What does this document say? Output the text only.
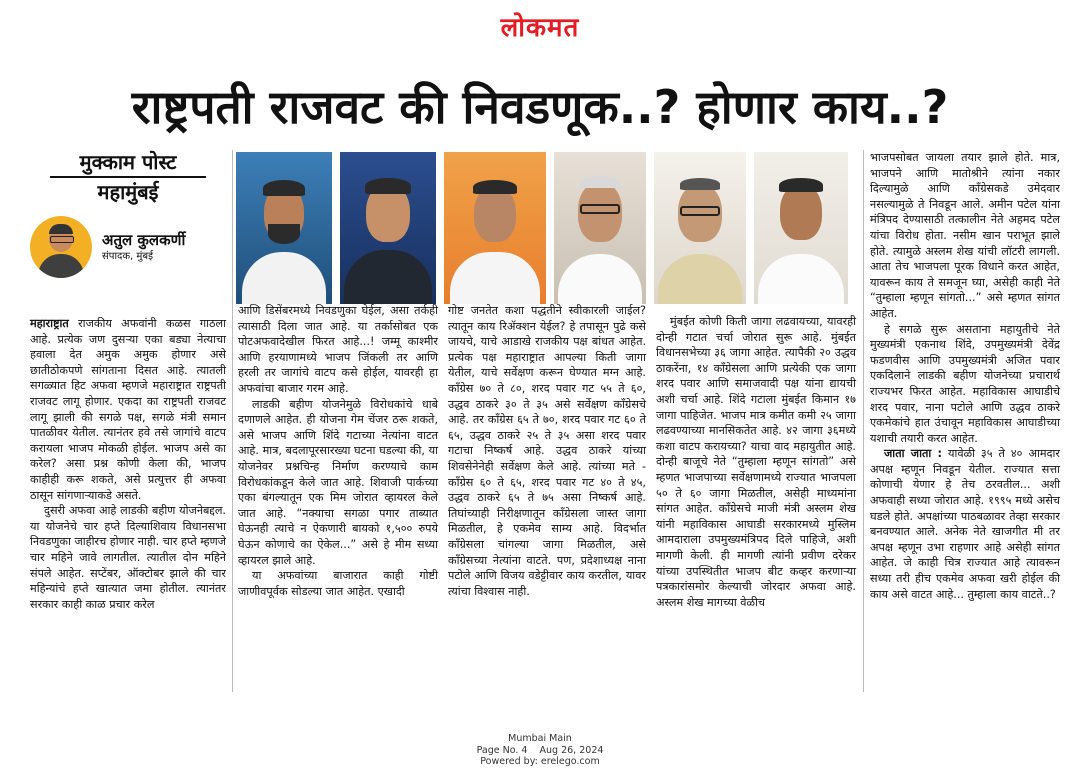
लोकमत
राष्ट्रपती राजवट की निवडणूक..? होणार काय..?
मुक्काम पोस्ट
महामुंबई
अतुल कुलकर्णी
संपादक, मुंबई

महाराष्ट्रात राजकीय अफवांनी कळस गाठला आहे. प्रत्येक जण दुसऱ्या एका बड्या नेत्याचा हवाला देत अमुक अमुक होणार असे छातीठोकपणे सांगताना दिसत आहे. त्यातली सगळ्यात हिट अफवा म्हणजे महाराष्ट्रात राष्ट्रपती राजवट लागू होणार. एकदा का राष्ट्रपती राजवट लागू झाली की सगळे पक्ष, सगळे मंत्री समान पातळीवर येतील. त्यानंतर हवे तसे जागांचे वाटप करायला भाजप मोकळी होईल. भाजप असे का करेल? असा प्रश्न कोणी केला की, भाजप काहीही करू शकते, असे प्रत्युत्तर ही अफवा ठासून सांगणाऱ्याकडे असते.

दुसरी अफवा आहे लाडकी बहीण योजनेबद्दल. या योजनेचे चार हप्ते दिल्याशिवाय विधानसभा निवडणुका जाहीरच होणार नाही. चार हप्ते म्हणजे चार महिने जावे लागतील. त्यातील दोन महिने संपले आहेत. सप्टेंबर, ऑक्टोबर झाले की चार महिन्यांचे हप्ते खात्यात जमा होतील. त्यानंतर सरकार काही काळ प्रचार करेल

आणि डिसेंबरमध्ये निवडणुका घेईल, असा तर्कही त्यासाठी दिला जात आहे. या तर्कासोबत एक पोटअफवादेखील फिरत आहे...! जम्मू काश्मीर आणि हरयाणामध्ये भाजप जिंकली तर आणि हरली तर जागांचे वाटप कसे होईल, यावरही हा अफवांचा बाजार गरम आहे.

लाडकी बहीण योजनेमुळे विरोधकांचे धाबे दणाणले आहेत. ही योजना गेम चेंजर ठरू शकते, असे भाजप आणि शिंदे गटाच्या नेत्यांना वाटत आहे. मात्र, बदलापूरसारख्या घटना घडल्या की, या योजनेवर प्रश्नचिन्ह निर्माण करण्याचे काम विरोधकांकडून केले जात आहे. शिवाजी पार्कच्या एका बंगल्यातून एक मिम जोरात व्हायरल केले जात आहे. “नक्याचा सगळा पगार ताब्यात घेऊनही त्याचे न ऐकणारी बायको १,५०० रुपये घेऊन कोणाचे का ऐकेल...” असे हे मीम सध्या व्हायरल झाले आहे.

या अफवांच्या बाजारात काही गोष्टी जाणीवपूर्वक सोडल्या जात आहेत. एखादी

गोष्ट जनतेत कशा पद्धतीने स्वीकारली जाईल? त्यातून काय रिॲक्शन येईल? हे तपासून पुढे कसे जायचे, याचे आडाखे राजकीय पक्ष बांधत आहेत. प्रत्येक पक्ष महाराष्ट्रात आपल्या किती जागा येतील, याचे सर्वेक्षण करून घेण्यात मग्न आहे. काँग्रेस ७० ते ८०, शरद पवार गट ५५ ते ६०, उद्धव ठाकरे ३० ते ३५ असे सर्वेक्षण काँग्रेसचे आहे. तर काँग्रेस ६५ ते ७०, शरद पवार गट ६० ते ६५, उद्धव ठाकरे २५ ते ३५ असा शरद पवार गटाचा निष्कर्ष आहे. उद्धव ठाकरे यांच्या शिवसेनेनेही सर्वेक्षण केले आहे. त्यांच्या मते - काँग्रेस ६० ते ६५, शरद पवार गट ४० ते ४५, उद्धव ठाकरे ६५ ते ७५ असा निष्कर्ष आहे. तिघांच्याही निरीक्षणातून काँग्रेसला जास्त जागा मिळतील, हे एकमेव साम्य आहे. विदर्भात काँग्रेसला चांगल्या जागा मिळतील, असे काँग्रेसच्या नेत्यांना वाटते. पण, प्रदेशाध्यक्ष नाना पटोले आणि विजय वडेट्टीवार काय करतील, यावर त्यांचा विश्वास नाही.

मुंबईत कोणी किती जागा लढवायच्या, यावरही दोन्ही गटात चर्चा जोरात सुरू आहे. मुंबईत विधानसभेच्या ३६ जागा आहेत. त्यापैकी २० उद्धव ठाकरेंना, १४ काँग्रेसला आणि प्रत्येकी एक जागा शरद पवार आणि समाजवादी पक्ष यांना द्यायची अशी चर्चा आहे. शिंदे गटाला मुंबईत किमान १७ जागा पाहिजेत. भाजप मात्र कमीत कमी २५ जागा लढवण्याच्या मानसिकतेत आहे. ४२ जागा ३६मध्ये कशा वाटप करायच्या? याचा वाद महायुतीत आहे. दोन्ही बाजूचे नेते “तुम्हाला म्हणून सांगतो” असे म्हणत भाजपाच्या सर्वेक्षणामध्ये राज्यात भाजपला ५० ते ६० जागा मिळतील, असेही माध्यमांना सांगत आहेत. काँग्रेसचे माजी मंत्री अस्लम शेख यांनी महाविकास आघाडी सरकारमध्ये मुस्लिम आमदाराला उपमुख्यमंत्रिपद दिले पाहिजे, अशी मागणी केली. ही मागणी त्यांनी प्रवीण दरेकर यांच्या उपस्थितीत भाजप बीट कव्हर करणाऱ्या पत्रकारांसमोर केल्याची जोरदार अफवा आहे. अस्लम शेख मागच्या वेळीच

भाजपसोबत जायला तयार झाले होते. मात्र, भाजपने आणि मातोश्रीने त्यांना नकार दिल्यामुळे आणि काँग्रेसकडे उमेदवार नसल्यामुळे ते निवडून आले. अमीन पटेल यांना मंत्रिपद देण्यासाठी तत्कालीन नेते अहमद पटेल यांचा विरोध होता. नसीम खान पराभूत झाले होते. त्यामुळे अस्लम शेख यांची लॉटरी लागली. आता तेच भाजपला पूरक विधाने करत आहेत, यावरून काय ते समजून घ्या, असेही काही नेते “तुम्हाला म्हणून सांगतो...” असे म्हणत सांगत आहेत.

हे सगळे सुरू असताना महायुतीचे नेते मुख्यमंत्री एकनाथ शिंदे, उपमुख्यमंत्री देवेंद्र फडणवीस आणि उपमुख्यमंत्री अजित पवार एकदिलाने लाडकी बहीण योजनेच्या प्रचारार्थ राज्यभर फिरत आहेत. महाविकास आघाडीचे शरद पवार, नाना पटोले आणि उद्धव ठाकरे एकमेकांचे हात उंचावून महाविकास आघाडीच्या यशाची तयारी करत आहेत.

जाता जाता : यावेळी ३५ ते ४० आमदार अपक्ष म्हणून निवडून येतील. राज्यात सत्ता कोणाची येणार हे तेच ठरवतील... अशी अफवाही सध्या जोरात आहे. १९९५ मध्ये असेच घडले होते. अपक्षांच्या पाठबळावर तेव्हा सरकार बनवण्यात आले. अनेक नेते खाजगीत मी तर अपक्ष म्हणून उभा राहणार आहे असेही सांगत आहेत. जे काही चित्र राज्यात आहे त्यावरून सध्या तरी हीच एकमेव अफवा खरी होईल की काय असे वाटत आहे... तुम्हाला काय वाटते..?

Mumbai Main
Page No. 4    Aug 26, 2024
Powered by: erelego.com
